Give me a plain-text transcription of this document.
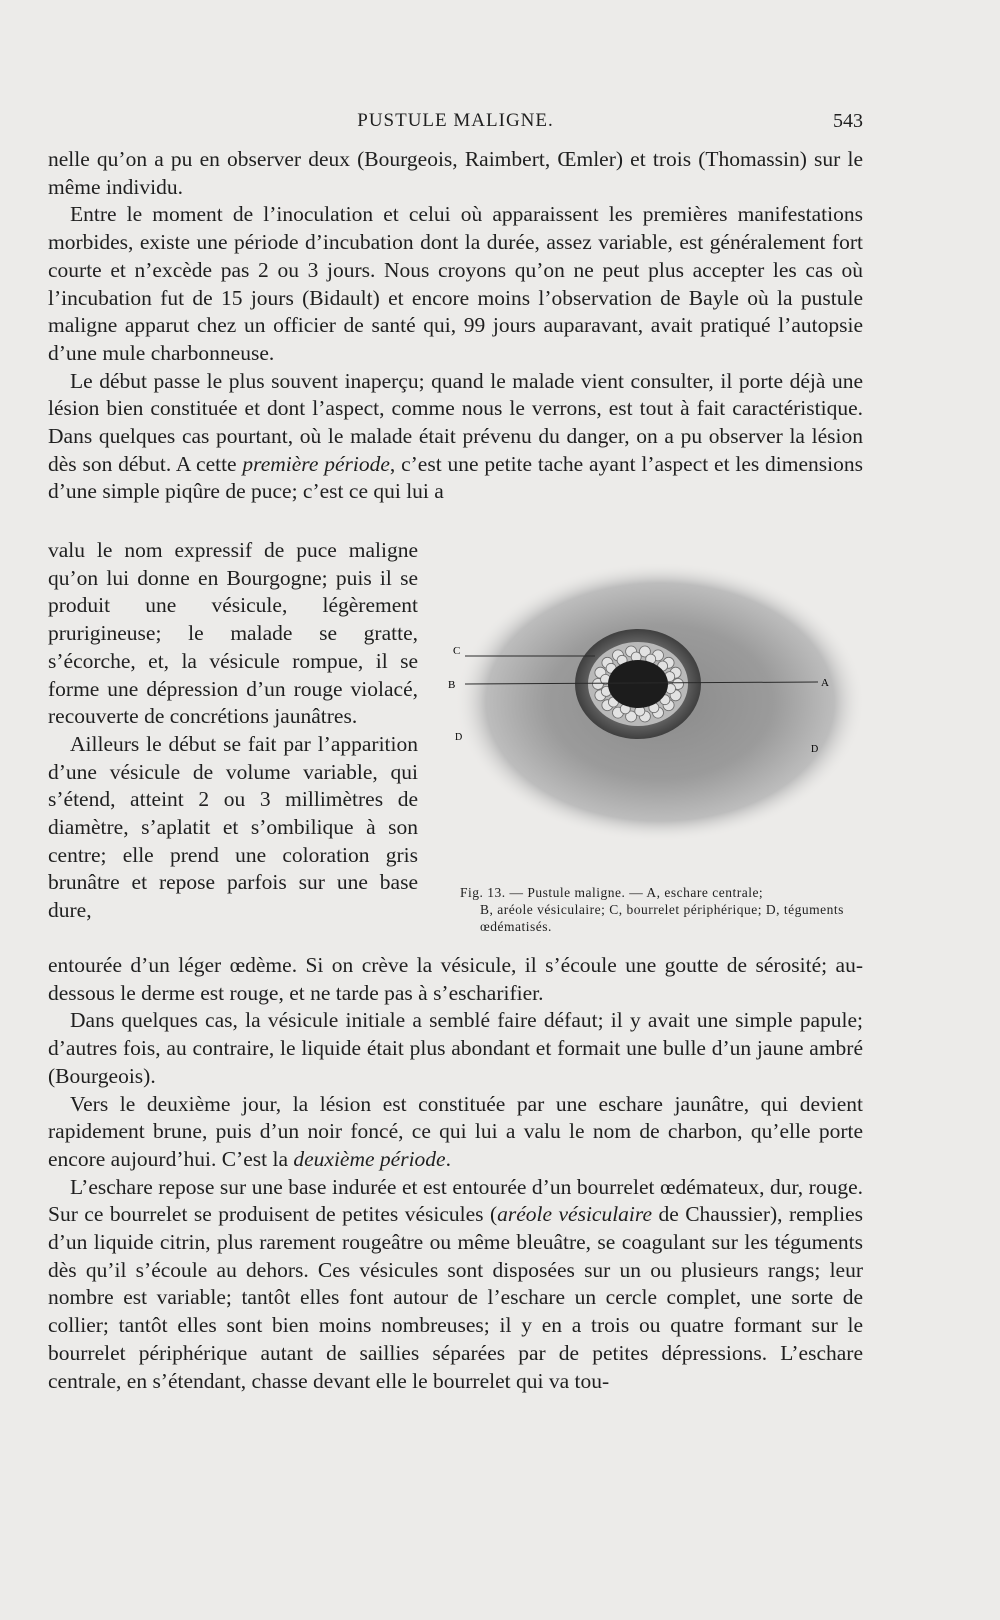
PUSTULE MALIGNE.	543

nelle qu’on a pu en observer deux (Bourgeois, Raimbert, Œmler) et trois (Thomassin) sur le même individu.

Entre le moment de l’inoculation et celui où apparaissent les premières manifestations morbides, existe une période d’incubation dont la durée, assez variable, est généralement fort courte et n’excède pas 2 ou 3 jours. Nous croyons qu’on ne peut plus accepter les cas où l’incubation fut de 15 jours (Bidault) et encore moins l’observation de Bayle où la pustule maligne apparut chez un officier de santé qui, 99 jours auparavant, avait pratiqué l’autopsie d’une mule charbonneuse.

Le début passe le plus souvent inaperçu; quand le malade vient consulter, il porte déjà une lésion bien constituée et dont l’aspect, comme nous le verrons, est tout à fait caractéristique. Dans quelques cas pourtant, où le malade était prévenu du danger, on a pu observer la lésion dès son début. A cette première période, c’est une petite tache ayant l’aspect et les dimensions d’une simple piqûre de puce; c’est ce qui lui a

valu le nom expressif de puce maligne qu’on lui donne en Bourgogne; puis il se produit une vésicule, légèrement prurigineuse; le malade se gratte, s’écorche, et, la vésicule rompue, il se forme une dépression d’un rouge violacé, recouverte de concrétions jaunâtres.

Ailleurs le début se fait par l’apparition d’une vésicule de volume variable, qui s’étend, atteint 2 ou 3 millimètres de diamètre, s’aplatit et s’ombilique à son centre; elle prend une coloration gris brunâtre et repose parfois sur une base dure,

entourée d’un léger œdème. Si on crève la vésicule, il s’écoule une goutte de sérosité; au-dessous le derme est rouge, et ne tarde pas à s’escharifier.

Dans quelques cas, la vésicule initiale a semblé faire défaut; il y avait une simple papule; d’autres fois, au contraire, le liquide était plus abondant et formait une bulle d’un jaune ambré (Bourgeois).

Vers le deuxième jour, la lésion est constituée par une eschare jaunâtre, qui devient rapidement brune, puis d’un noir foncé, ce qui lui a valu le nom de charbon, qu’elle porte encore aujourd’hui. C’est la deuxième période.

L’eschare repose sur une base indurée et est entourée d’un bourrelet œdémateux, dur, rouge. Sur ce bourrelet se produisent de petites vésicules (aréole vésiculaire de Chaussier), remplies d’un liquide citrin, plus rarement rougeâtre ou même bleuâtre, se coagulant sur les téguments dès qu’il s’écoule au dehors. Ces vésicules sont disposées sur un ou plusieurs rangs; leur nombre est variable; tantôt elles font autour de l’eschare un cercle complet, une sorte de collier; tantôt elles sont bien moins nombreuses; il y en a trois ou quatre formant sur le bourrelet périphérique autant de saillies séparées par de petites dépressions. L’eschare centrale, en s’étendant, chasse devant elle le bourrelet qui va tou-

C
B	A
D
D
Fig. 13. — Pustule maligne. — A, eschare centrale;
B, aréole vésiculaire; C, bourrelet périphérique; D, téguments œdématisés.
